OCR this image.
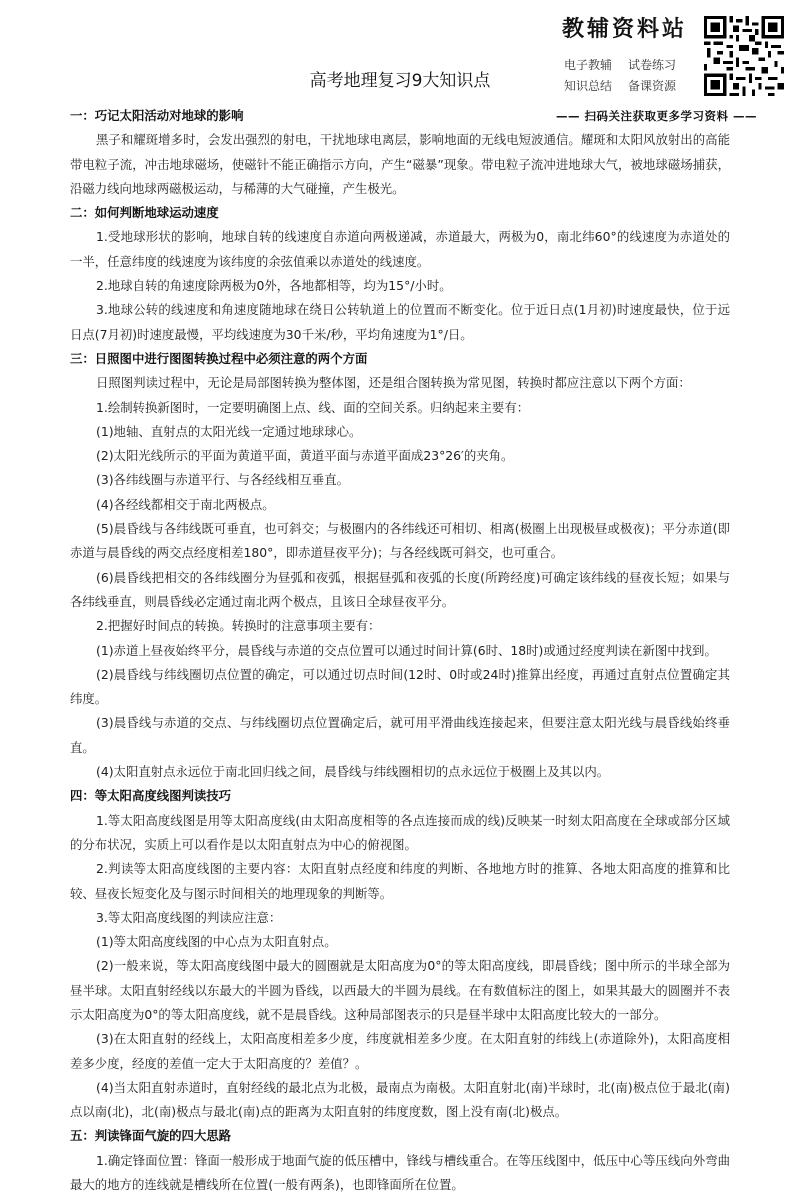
教辅资料站
电子教辅 试卷练习
知识总结 备课资源
高考地理复习9大知识点
—— 扫码关注获取更多学习资料 ——

一：巧记太阳活动对地球的影响

黑子和耀斑增多时，会发出强烈的射电，干扰地球电离层，影响地面的无线电短波通信。耀斑和太阳风放射出的高能带电粒子流，冲击地球磁场，使磁针不能正确指示方向，产生“磁暴”现象。带电粒子流冲进地球大气，被地球磁场捕获，沿磁力线向地球两磁极运动，与稀薄的大气碰撞，产生极光。

二：如何判断地球运动速度

1.受地球形状的影响，地球自转的线速度自赤道向两极递减，赤道最大，两极为0，南北纬60°的线速度为赤道处的一半，任意纬度的线速度为该纬度的余弦值乘以赤道处的线速度。

2.地球自转的角速度除两极为0外，各地都相等，均为15°/小时。

3.地球公转的线速度和角速度随地球在绕日公转轨道上的位置而不断变化。位于近日点(1月初)时速度最快，位于远日点(7月初)时速度最慢，平均线速度为30千米/秒，平均角速度为1°/日。

三：日照图中进行图图转换过程中必须注意的两个方面

日照图判读过程中，无论是局部图转换为整体图，还是组合图转换为常见图，转换时都应注意以下两个方面：

1.绘制转换新图时，一定要明确图上点、线、面的空间关系。归纳起来主要有：

(1)地轴、直射点的太阳光线一定通过地球球心。

(2)太阳光线所示的平面为黄道平面，黄道平面与赤道平面成23°26′的夹角。

(3)各纬线圈与赤道平行、与各经线相互垂直。

(4)各经线都相交于南北两极点。

(5)晨昏线与各纬线既可垂直，也可斜交；与极圈内的各纬线还可相切、相离(极圈上出现极昼或极夜)；平分赤道(即赤道与晨昏线的两交点经度相差180°，即赤道昼夜平分)；与各经线既可斜交，也可重合。

(6)晨昏线把相交的各纬线圈分为昼弧和夜弧，根据昼弧和夜弧的长度(所跨经度)可确定该纬线的昼夜长短；如果与各纬线垂直，则晨昏线必定通过南北两个极点，且该日全球昼夜平分。

2.把握好时间点的转换。转换时的注意事项主要有：

(1)赤道上昼夜始终平分，晨昏线与赤道的交点位置可以通过时间计算(6时、18时)或通过经度判读在新图中找到。

(2)晨昏线与纬线圈切点位置的确定，可以通过切点时间(12时、0时或24时)推算出经度，再通过直射点位置确定其纬度。

(3)晨昏线与赤道的交点、与纬线圈切点位置确定后，就可用平滑曲线连接起来，但要注意太阳光线与晨昏线始终垂直。

(4)太阳直射点永远位于南北回归线之间，晨昏线与纬线圈相切的点永远位于极圈上及其以内。

四：等太阳高度线图判读技巧

1.等太阳高度线图是用等太阳高度线(由太阳高度相等的各点连接而成的线)反映某一时刻太阳高度在全球或部分区域的分布状况，实质上可以看作是以太阳直射点为中心的俯视图。

2.判读等太阳高度线图的主要内容：太阳直射点经度和纬度的判断、各地地方时的推算、各地太阳高度的推算和比较、昼夜长短变化及与图示时间相关的地理现象的判断等。

3.等太阳高度线图的判读应注意：

(1)等太阳高度线图的中心点为太阳直射点。

(2)一般来说，等太阳高度线图中最大的圆圈就是太阳高度为0°的等太阳高度线，即晨昏线；图中所示的半球全部为昼半球。太阳直射经线以东最大的半圆为昏线，以西最大的半圆为晨线。在有数值标注的图上，如果其最大的圆圈并不表示太阳高度为0°的等太阳高度线，就不是晨昏线。这种局部图表示的只是昼半球中太阳高度比较大的一部分。

(3)在太阳直射的经线上，太阳高度相差多少度，纬度就相差多少度。在太阳直射的纬线上(赤道除外)，太阳高度相差多少度，经度的差值一定大于太阳高度的？差值？。

(4)当太阳直射赤道时，直射经线的最北点为北极，最南点为南极。太阳直射北(南)半球时，北(南)极点位于最北(南)点以南(北)，北(南)极点与最北(南)点的距离为太阳直射的纬度度数，图上没有南(北)极点。

五：判读锋面气旋的四大思路

1.确定锋面位置：锋面一般形成于地面气旋的低压槽中，锋线与槽线重合。在等压线图中，低压中心等压线向外弯曲最大的地方的连线就是槽线所在位置(一般有两条)，也即锋面所在位置。
